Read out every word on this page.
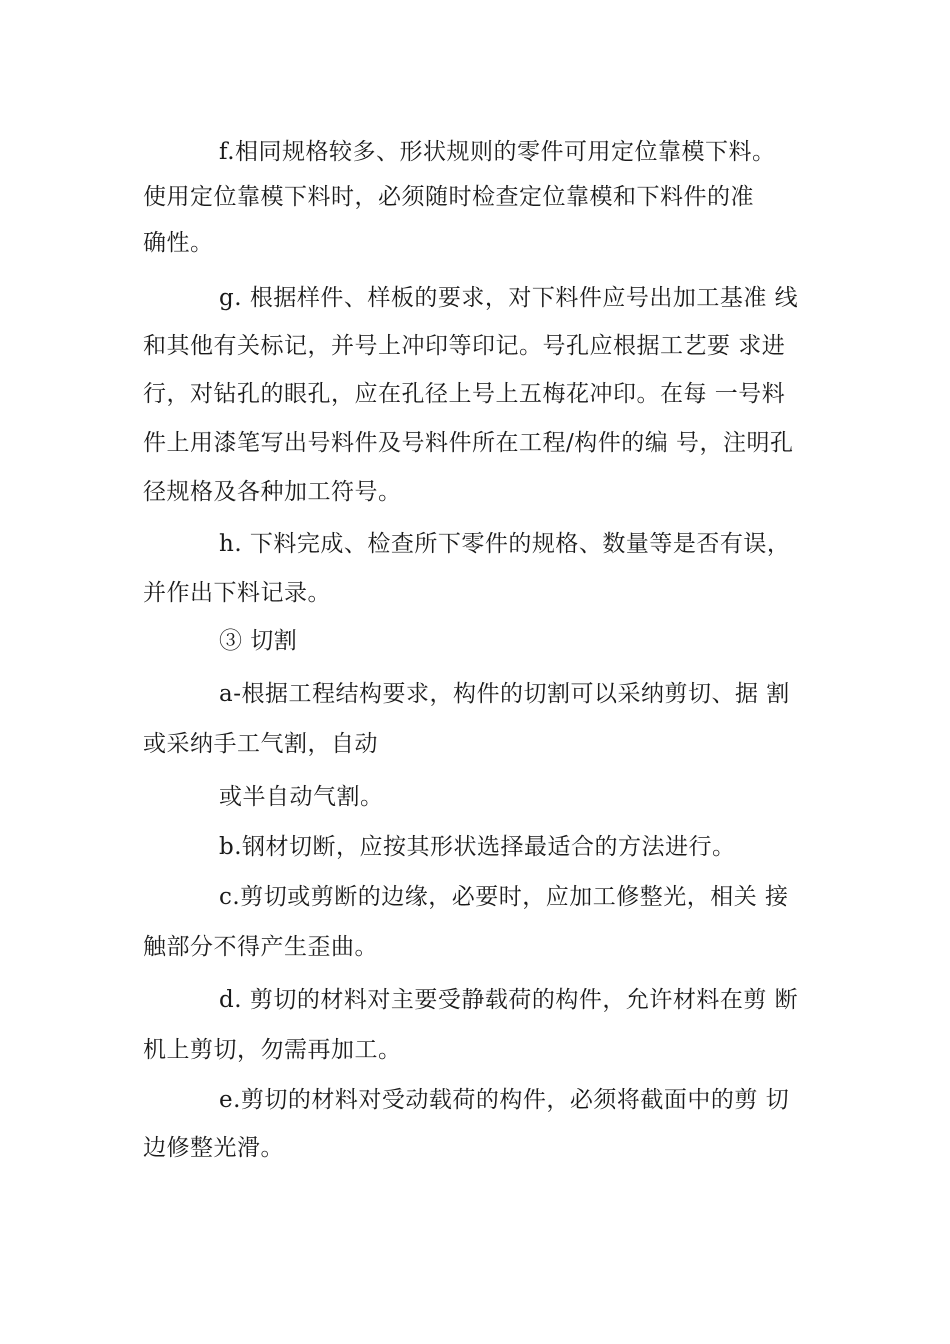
f.相同规格较多、形状规则的零件可用定位靠模下料。
使用定位靠模下料时，必须随时检查定位靠模和下料件的准
确性。
g. 根据样件、样板的要求，对下料件应号出加工基准 线
和其他有关标记，并号上冲印等印记。号孔应根据工艺要 求进
行，对钻孔的眼孔，应在孔径上号上五梅花冲印。在每 一号料
件上用漆笔写出号料件及号料件所在工程/构件的编 号，注明孔
径规格及各种加工符号。
h. 下料完成、检查所下零件的规格、数量等是否有误，
并作出下料记录。
③ 切割
a-根据工程结构要求，构件的切割可以采纳剪切、据 割
或采纳手工气割，自动
或半自动气割。
b.钢材切断，应按其形状选择最适合的方法进行。
c.剪切或剪断的边缘，必要时，应加工修整光，相关 接
触部分不得产生歪曲。
d. 剪切的材料对主要受静载荷的构件，允许材料在剪 断
机上剪切，勿需再加工。
e.剪切的材料对受动载荷的构件，必须将截面中的剪 切
边修整光滑。
